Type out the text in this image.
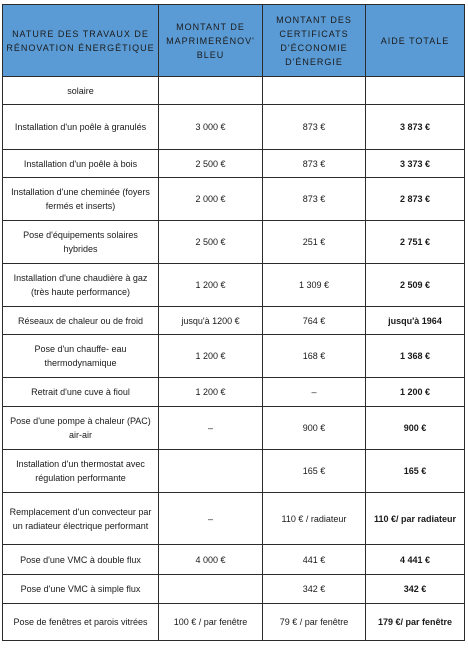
NATURE DES TRAVAUX DE RÉNOVATION ÉNERGÉTIQUE	MONTANT DE MAPRIMERÉNOV' BLEU	MONTANT DES CERTIFICATS D'ÉCONOMIE D'ÉNERGIE	AIDE TOTALE
solaire			
Installation d'un poêle à granulés	3 000 €	873 €	3 873 €
Installation d'un poêle à bois	2 500 €	873 €	3 373 €
Installation d'une cheminée (foyers fermés et inserts)	2 000 €	873 €	2 873 €
Pose d'équipements solaires hybrides	2 500 €	251 €	2 751 €
Installation d'une chaudière à gaz (très haute performance)	1 200 €	1 309 €	2 509 €
Réseaux de chaleur ou de froid	jusqu'à 1200 €	764 €	jusqu'à 1964
Pose d'un chauffe- eau thermodynamique	1 200 €	168 €	1 368 €
Retrait d'une cuve à fioul	1 200 €	–	1 200 €
Pose d'une pompe à chaleur (PAC) air-air	–	900 €	900 €
Installation d'un thermostat avec régulation performante		165 €	165 €
Remplacement d'un convecteur par un radiateur électrique performant	–	110 € / radiateur	110 €/ par radiateur
Pose d'une VMC à double flux	4 000 €	441 €	4 441 €
Pose d'une VMC à simple flux		342 €	342 €
Pose de fenêtres et parois vitrées	100 € / par fenêtre	79 € / par fenêtre	179 €/ par fenêtre
